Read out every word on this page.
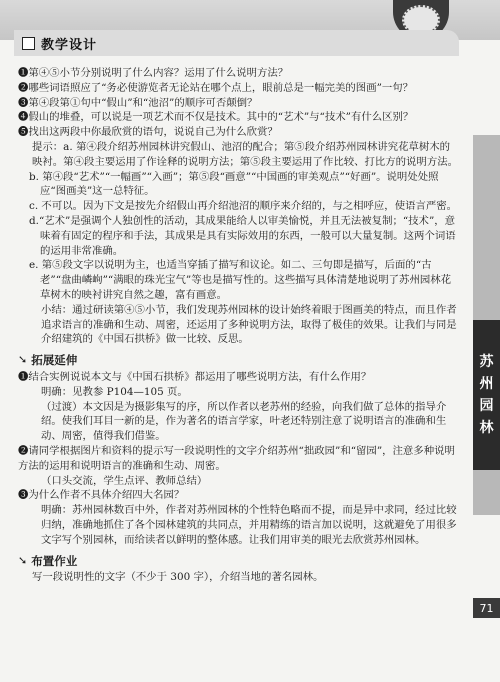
教学设计
苏
州
园
林
71

❶第④⑤小节分别说明了什么内容？运用了什么说明方法？

❷哪些词语照应了“务必使游览者无论站在哪个点上，眼前总是一幅完美的图画”一句？

❸第④段第①句中“假山”和“池沼”的顺序可否颠倒？

❹假山的堆叠，可以说是一项艺术而不仅是技术。其中的“艺术”与“技术”有什么区别？

❺找出这两段中你最欣赏的语句，说说自己为什么欣赏？

提示：a. 第④段介绍苏州园林讲究假山、池沼的配合；第⑤段介绍苏州园林讲究花草树木的映衬。第④段主要运用了作诠释的说明方法；第⑤段主要运用了作比较、打比方的说明方法。

b. 第④段“艺术”“一幅画”“入画”；第⑤段“画意”“中国画的审美观点”“好画”。说明处处照应“图画美”这一总特征。

c. 不可以。因为下文是按先介绍假山再介绍池沼的顺序来介绍的，与之相呼应，使语言严密。

d.“艺术”是强调个人独创性的活动，其成果能给人以审美愉悦，并且无法被复制；“技术”，意味着有固定的程序和手法，其成果是具有实际效用的东西，一般可以大量复制。这两个词语的运用非常准确。

e. 第⑤段文字以说明为主，也适当穿插了描写和议论。如二、三句即是描写，后面的“古老”“盘曲嶙峋”“满眼的珠光宝气”等也是描写性的。这些描写具体清楚地说明了苏州园林花草树木的映衬讲究自然之趣，富有画意。

小结：通过研读第④⑤小节，我们发现苏州园林的设计始终着眼于图画美的特点，而且作者追求语言的准确和生动、周密，还运用了多种说明方法，取得了极佳的效果。让我们与同是介绍建筑的《中国石拱桥》做一比较、反思。

➘ 拓展延伸

❶结合实例说说本文与《中国石拱桥》都运用了哪些说明方法，有什么作用？

明确：见教参 P104—105 页。

（过渡）本文因是为摄影集写的序，所以作者以老苏州的经验，向我们做了总体的指导介绍。使我们耳目一新的是，作为著名的语言学家，叶老还特别注意了说明语言的准确和生动、周密，值得我们借鉴。

❷请同学根据图片和资料的提示写一段说明性的文字介绍苏州“拙政园”和“留园”，注意多种说明方法的运用和说明语言的准确和生动、周密。

（口头交流，学生点评、教师总结）

❸为什么作者不具体介绍四大名园？

明确：苏州园林数百中外，作者对苏州园林的个性特色略而不提，而是异中求同，经过比较归纳，准确地抓住了各个园林建筑的共同点，并用精练的语言加以说明，这就避免了用很多文字写个别园林，而给读者以鲜明的整体感。让我们用审美的眼光去欣赏苏州园林。

➘ 布置作业

写一段说明性的文字（不少于 300 字），介绍当地的著名园林。
